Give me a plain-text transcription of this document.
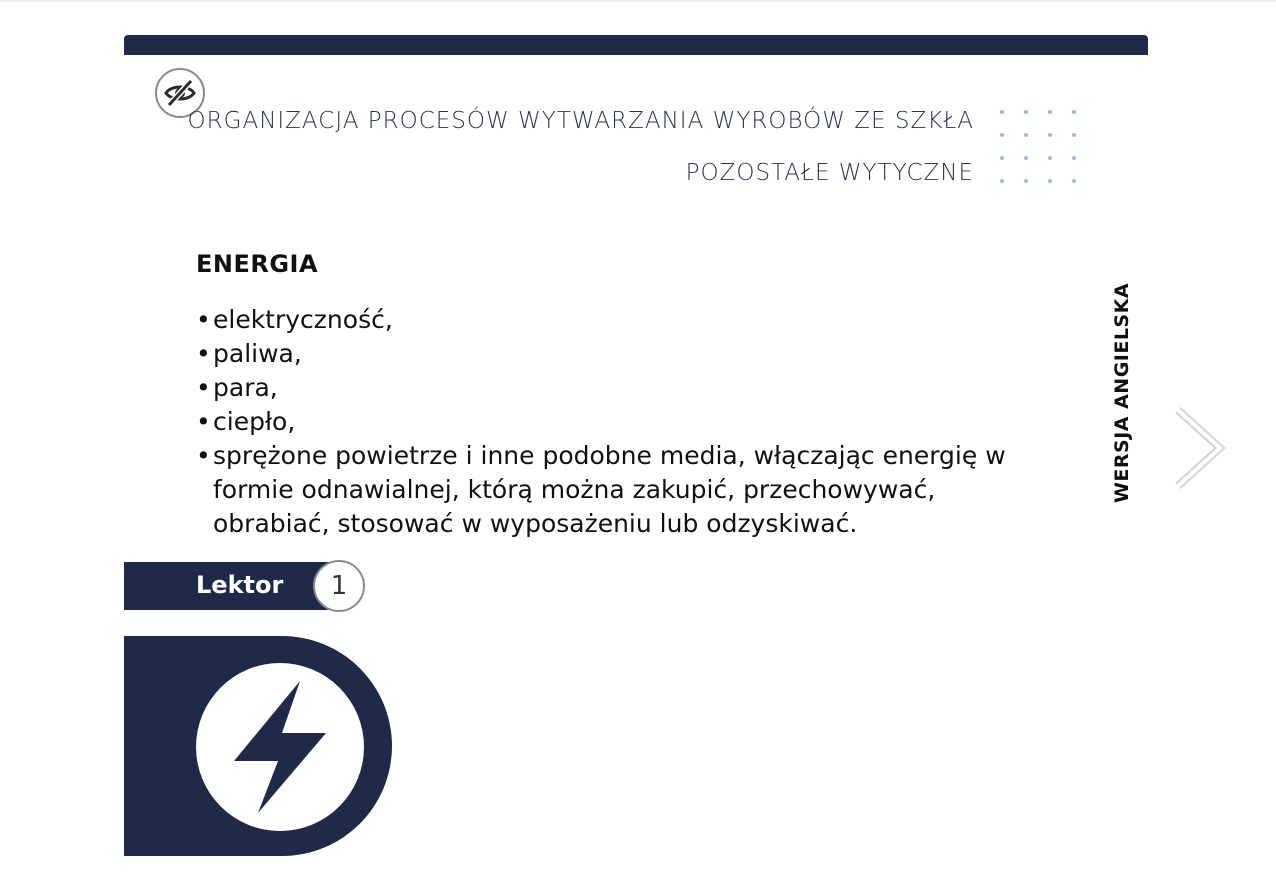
ORGANIZACJA PROCESÓW WYTWARZANIA WYROBÓW ZE SZKŁA
POZOSTAŁE WYTYCZNE
ENERGIA
• elektryczność,
• paliwa,
• para,
• ciepło,
• sprężone powietrze i inne podobne media, włączając energię w formie odnawialnej, którą można zakupić, przechowywać, obrabiać, stosować w wyposażeniu lub odzyskiwać.
Lektor 1
WERSJA ANGIELSKA
